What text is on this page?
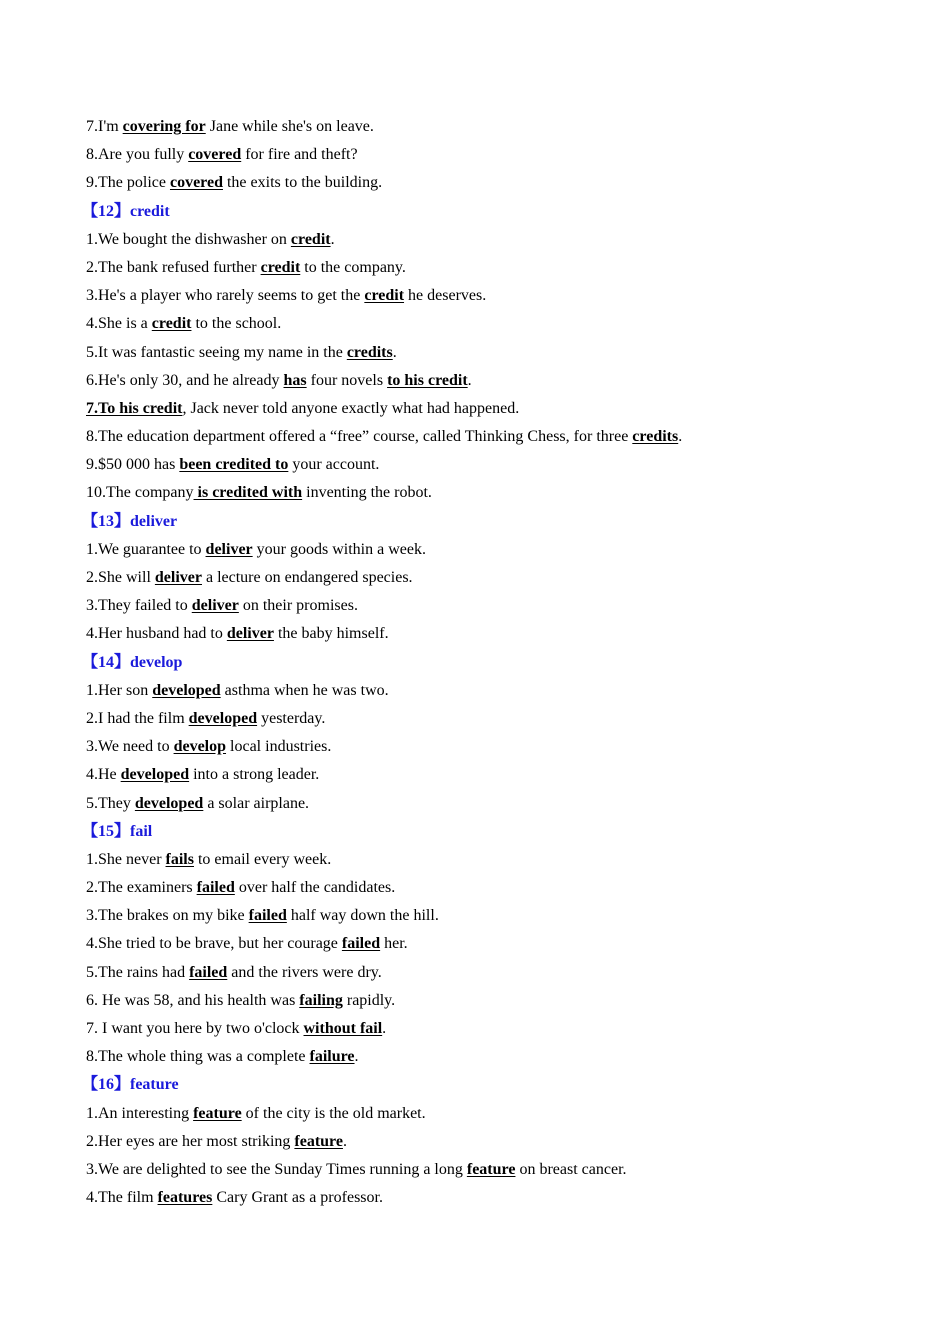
7.I'm covering for Jane while she's on leave.
8.Are you fully covered for fire and theft?
9.The police covered the exits to the building.
【12】credit
1.We bought the dishwasher on credit.
2.The bank refused further credit to the company.
3.He's a player who rarely seems to get the credit he deserves.
4.She is a credit to the school.
5.It was fantastic seeing my name in the credits.
6.He's only 30, and he already has four novels to his credit.
7.To his credit, Jack never told anyone exactly what had happened.
8.The education department offered a “free” course, called Thinking Chess, for three credits.
9.$50 000 has been credited to your account.
10.The company is credited with inventing the robot.
【13】deliver
1.We guarantee to deliver your goods within a week.
2.She will deliver a lecture on endangered species.
3.They failed to deliver on their promises.
4.Her husband had to deliver the baby himself.
【14】develop
1.Her son developed asthma when he was two.
2.I had the film developed yesterday.
3.We need to develop local industries.
4.He developed into a strong leader.
5.They developed a solar airplane.
【15】fail
1.She never fails to email every week.
2.The examiners failed over half the candidates.
3.The brakes on my bike failed half way down the hill.
4.She tried to be brave, but her courage failed her.
5.The rains had failed and the rivers were dry.
6. He was 58, and his health was failing rapidly.
7. I want you here by two o'clock without fail.
8.The whole thing was a complete failure.
【16】feature
1.An interesting feature of the city is the old market.
2.Her eyes are her most striking feature.
3.We are delighted to see the Sunday Times running a long feature on breast cancer.
4.The film features Cary Grant as a professor.
